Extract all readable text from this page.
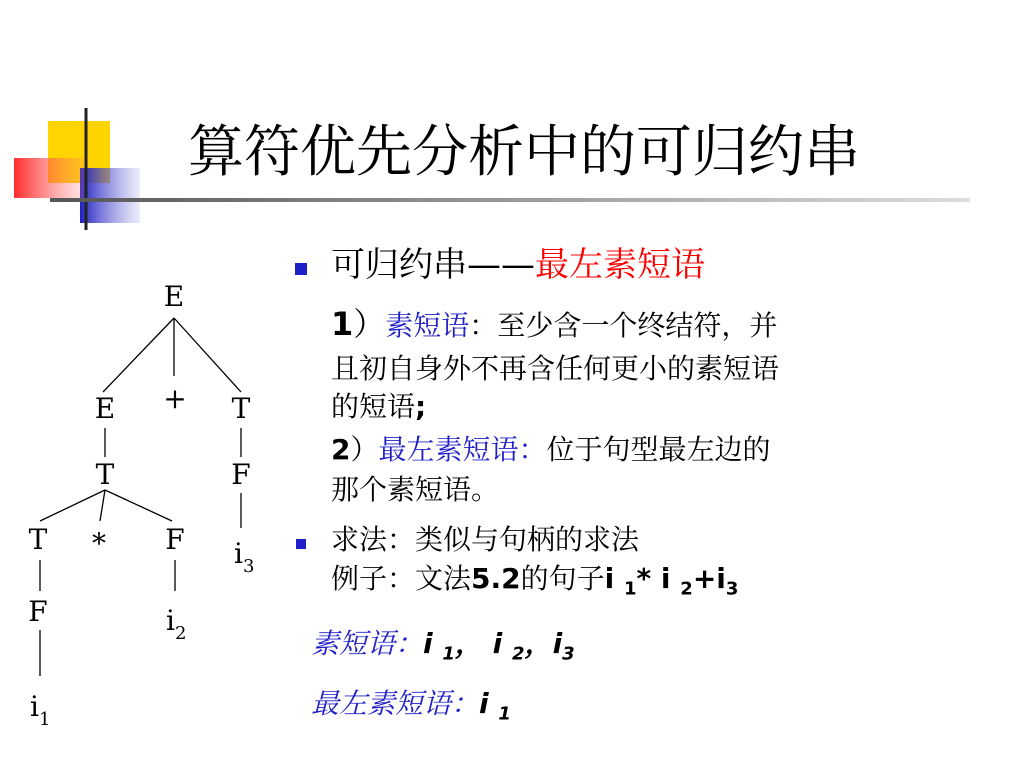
算符优先分析中的可归约串
E
E + T
T	F
T * F $i_3$
F	$i_2$
$i_1$
可归约串——最左素短语
1）素短语：至少含一个终结符，并
且初自身外不再含任何更小的素短语
的短语;
2）最左素短语：位于句型最左边的
那个素短语。
求法：类似与句柄的求法
例子：文法5.2的句子i $_1$* i $_2+i_3$
素短语：i $_1$， i $_2$，$i_3$
最左素短语：i $_1$
